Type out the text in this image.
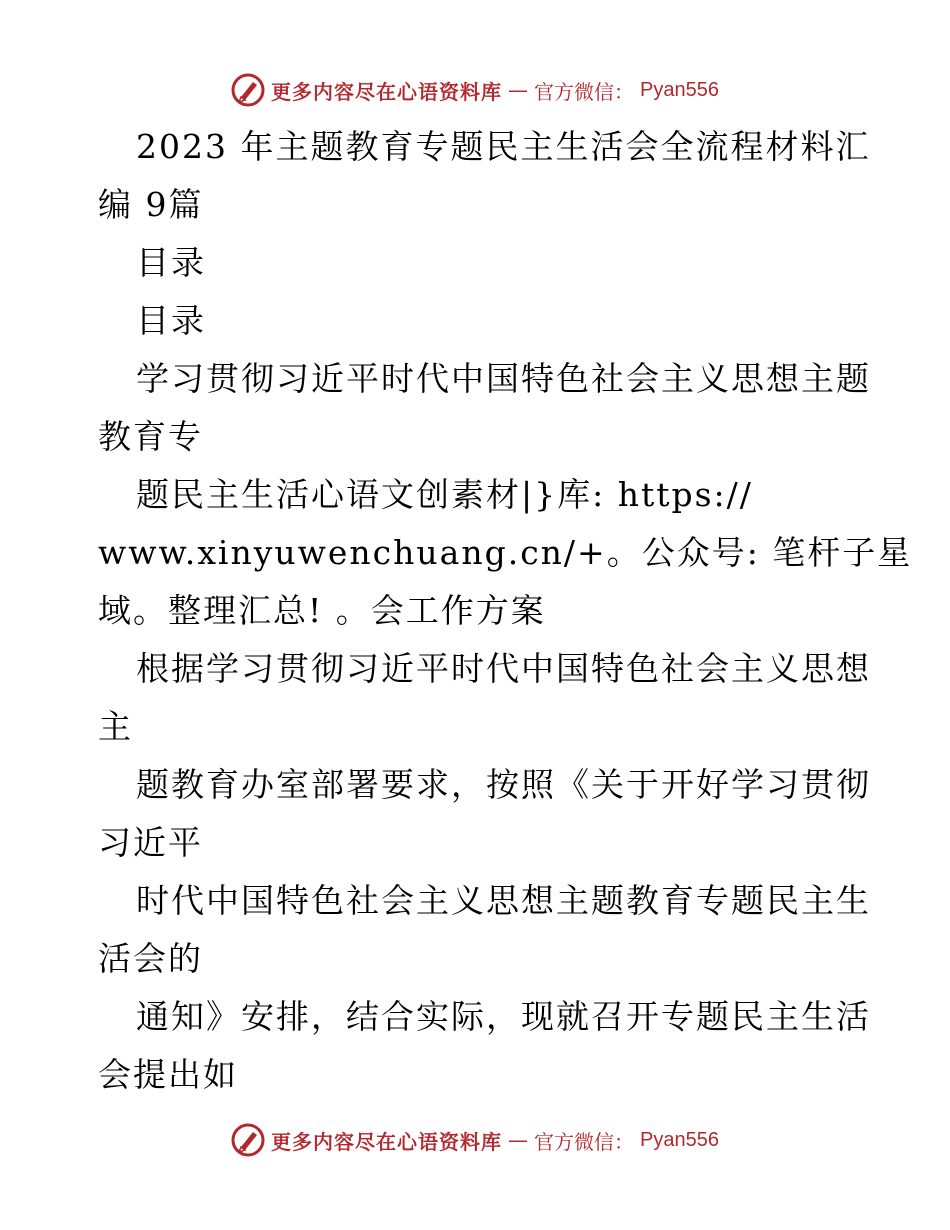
更多内容尽在心语资料库 — 官方微信： Pyan556
2023 年主题教育专题民主生活会全流程材料汇
编 9篇
目录
目录
学习贯彻习近平时代中国特色社会主义思想主题
教育专
题民主生活心语文创素材|}库: https://
www.xinyuwenchuang.cn/+。公众号: 笔杆子星
域。整理汇总! 。会工作方案
根据学习贯彻习近平时代中国特色社会主义思想
主
题教育办室部署要求，按照《关于开好学习贯彻
习近平
时代中国特色社会主义思想主题教育专题民主生
活会的
通知》安排，结合实际，现就召开专题民主生活
会提出如
更多内容尽在心语资料库 — 官方微信： Pyan556
